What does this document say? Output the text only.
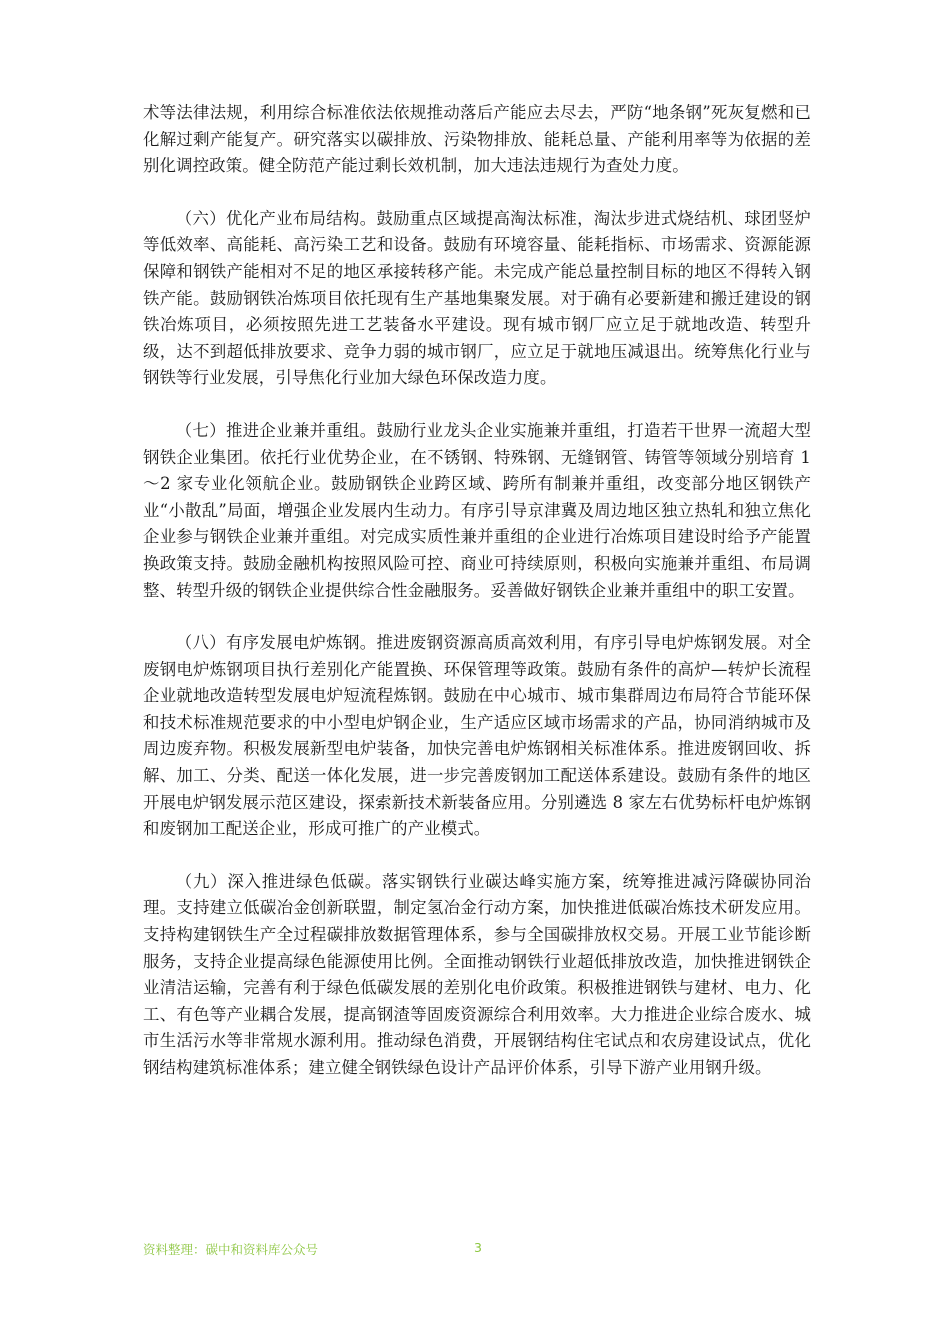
术等法律法规，利用综合标准依法依规推动落后产能应去尽去，严防“地条钢”死灰复燃和已化解过剩产能复产。研究落实以碳排放、污染物排放、能耗总量、产能利用率等为依据的差别化调控政策。健全防范产能过剩长效机制，加大违法违规行为查处力度。

（六）优化产业布局结构。鼓励重点区域提高淘汰标准，淘汰步进式烧结机、球团竖炉等低效率、高能耗、高污染工艺和设备。鼓励有环境容量、能耗指标、市场需求、资源能源保障和钢铁产能相对不足的地区承接转移产能。未完成产能总量控制目标的地区不得转入钢铁产能。鼓励钢铁冶炼项目依托现有生产基地集聚发展。对于确有必要新建和搬迁建设的钢铁冶炼项目，必须按照先进工艺装备水平建设。现有城市钢厂应立足于就地改造、转型升级，达不到超低排放要求、竞争力弱的城市钢厂，应立足于就地压减退出。统筹焦化行业与钢铁等行业发展，引导焦化行业加大绿色环保改造力度。

（七）推进企业兼并重组。鼓励行业龙头企业实施兼并重组，打造若干世界一流超大型钢铁企业集团。依托行业优势企业，在不锈钢、特殊钢、无缝钢管、铸管等领域分别培育 1～2 家专业化领航企业。鼓励钢铁企业跨区域、跨所有制兼并重组，改变部分地区钢铁产业“小散乱”局面，增强企业发展内生动力。有序引导京津冀及周边地区独立热轧和独立焦化企业参与钢铁企业兼并重组。对完成实质性兼并重组的企业进行冶炼项目建设时给予产能置换政策支持。鼓励金融机构按照风险可控、商业可持续原则，积极向实施兼并重组、布局调整、转型升级的钢铁企业提供综合性金融服务。妥善做好钢铁企业兼并重组中的职工安置。

（八）有序发展电炉炼钢。推进废钢资源高质高效利用，有序引导电炉炼钢发展。对全废钢电炉炼钢项目执行差别化产能置换、环保管理等政策。鼓励有条件的高炉—转炉长流程企业就地改造转型发展电炉短流程炼钢。鼓励在中心城市、城市集群周边布局符合节能环保和技术标准规范要求的中小型电炉钢企业，生产适应区域市场需求的产品，协同消纳城市及周边废弃物。积极发展新型电炉装备，加快完善电炉炼钢相关标准体系。推进废钢回收、拆解、加工、分类、配送一体化发展，进一步完善废钢加工配送体系建设。鼓励有条件的地区开展电炉钢发展示范区建设，探索新技术新装备应用。分别遴选 8 家左右优势标杆电炉炼钢和废钢加工配送企业，形成可推广的产业模式。

（九）深入推进绿色低碳。落实钢铁行业碳达峰实施方案，统筹推进减污降碳协同治理。支持建立低碳冶金创新联盟，制定氢冶金行动方案，加快推进低碳冶炼技术研发应用。支持构建钢铁生产全过程碳排放数据管理体系，参与全国碳排放权交易。开展工业节能诊断服务，支持企业提高绿色能源使用比例。全面推动钢铁行业超低排放改造，加快推进钢铁企业清洁运输，完善有利于绿色低碳发展的差别化电价政策。积极推进钢铁与建材、电力、化工、有色等产业耦合发展，提高钢渣等固废资源综合利用效率。大力推进企业综合废水、城市生活污水等非常规水源利用。推动绿色消费，开展钢结构住宅试点和农房建设试点，优化钢结构建筑标准体系；建立健全钢铁绿色设计产品评价体系，引导下游产业用钢升级。

资料整理：碳中和资料库公众号	3
